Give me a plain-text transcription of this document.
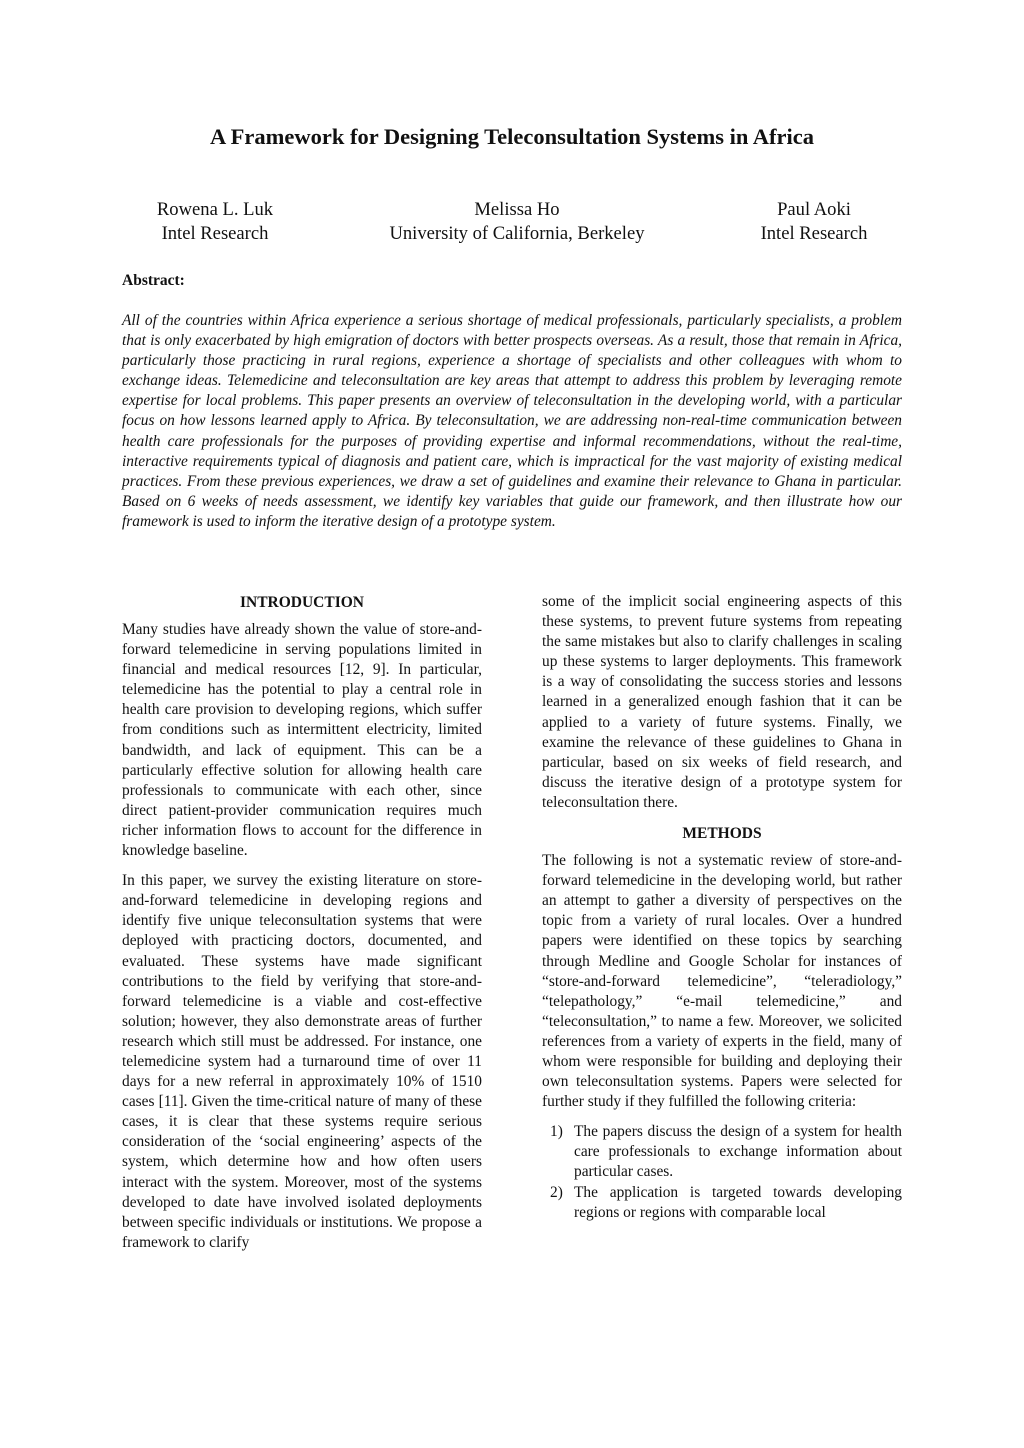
A Framework for Designing Teleconsultation Systems in Africa
Rowena L. Luk
Intel Research
Melissa Ho
University of California, Berkeley
Paul Aoki
Intel Research
Abstract:

All of the countries within Africa experience a serious shortage of medical professionals, particularly specialists, a problem that is only exacerbated by high emigration of doctors with better prospects overseas. As a result, those that remain in Africa, particularly those practicing in rural regions, experience a shortage of specialists and other colleagues with whom to exchange ideas. Telemedicine and teleconsultation are key areas that attempt to address this problem by leveraging remote expertise for local problems. This paper presents an overview of teleconsultation in the developing world, with a particular focus on how lessons learned apply to Africa. By teleconsultation, we are addressing non-real-time communication between health care professionals for the purposes of providing expertise and informal recommendations, without the real-time, interactive requirements typical of diagnosis and patient care, which is impractical for the vast majority of existing medical practices. From these previous experiences, we draw a set of guidelines and examine their relevance to Ghana in particular. Based on 6 weeks of needs assessment, we identify key variables that guide our framework, and then illustrate how our framework is used to inform the iterative design of a prototype system.

INTRODUCTION

Many studies have already shown the value of store-and-forward telemedicine in serving populations limited in financial and medical resources [12, 9]. In particular, telemedicine has the potential to play a central role in health care provision to developing regions, which suffer from conditions such as intermittent electricity, limited bandwidth, and lack of equipment. This can be a particularly effective solution for allowing health care professionals to communicate with each other, since direct patient-provider communication requires much richer information flows to account for the difference in knowledge baseline.

In this paper, we survey the existing literature on store-and-forward telemedicine in developing regions and identify five unique teleconsultation systems that were deployed with practicing doctors, documented, and evaluated. These systems have made significant contributions to the field by verifying that store-and-forward telemedicine is a viable and cost-effective solution; however, they also demonstrate areas of further research which still must be addressed. For instance, one telemedicine system had a turnaround time of over 11 days for a new referral in approximately 10% of 1510 cases [11]. Given the time-critical nature of many of these cases, it is clear that these systems require serious consideration of the ‘social engineering’ aspects of the system, which determine how and how often users interact with the system. Moreover, most of the systems developed to date have involved isolated deployments between specific individuals or institutions. We propose a framework to clarify

some of the implicit social engineering aspects of this these systems, to prevent future systems from repeating the same mistakes but also to clarify challenges in scaling up these systems to larger deployments. This framework is a way of consolidating the success stories and lessons learned in a generalized enough fashion that it can be applied to a variety of future systems. Finally, we examine the relevance of these guidelines to Ghana in particular, based on six weeks of field research, and discuss the iterative design of a prototype system for teleconsultation there.

METHODS

The following is not a systematic review of store-and-forward telemedicine in the developing world, but rather an attempt to gather a diversity of perspectives on the topic from a variety of rural locales. Over a hundred papers were identified on these topics by searching through Medline and Google Scholar for instances of “store-and-forward telemedicine”, “teleradiology,” “telepathology,” “e-mail telemedicine,” and “teleconsultation,” to name a few. Moreover, we solicited references from a variety of experts in the field, many of whom were responsible for building and deploying their own teleconsultation systems. Papers were selected for further study if they fulfilled the following criteria:

1) The papers discuss the design of a system for health care professionals to exchange information about particular cases.
2) The application is targeted towards developing regions or regions with comparable local
